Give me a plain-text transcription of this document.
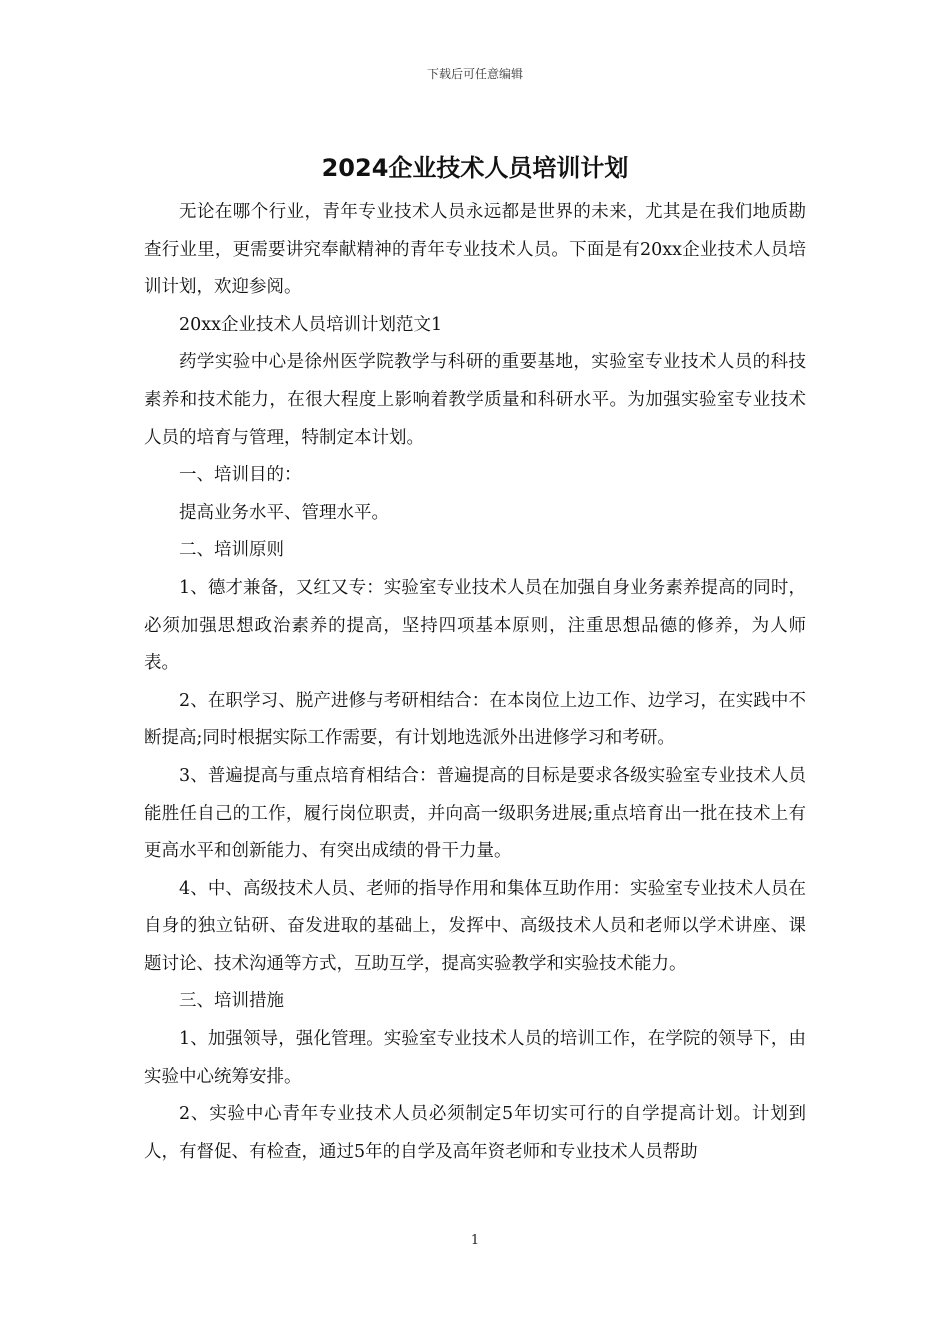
下载后可任意编辑
2024企业技术人员培训计划

无论在哪个行业，青年专业技术人员永远都是世界的未来，尤其是在我们地质勘查行业里，更需要讲究奉献精神的青年专业技术人员。下面是有20xx企业技术人员培训计划，欢迎参阅。

20xx企业技术人员培训计划范文1

药学实验中心是徐州医学院教学与科研的重要基地，实验室专业技术人员的科技素养和技术能力，在很大程度上影响着教学质量和科研水平。为加强实验室专业技术人员的培育与管理，特制定本计划。

一、培训目的：

提高业务水平、管理水平。

二、培训原则

1、德才兼备，又红又专：实验室专业技术人员在加强自身业务素养提高的同时，必须加强思想政治素养的提高，坚持四项基本原则，注重思想品德的修养，为人师表。

2、在职学习、脱产进修与考研相结合：在本岗位上边工作、边学习，在实践中不断提高;同时根据实际工作需要，有计划地选派外出进修学习和考研。

3、普遍提高与重点培育相结合：普遍提高的目标是要求各级实验室专业技术人员能胜任自己的工作，履行岗位职责，并向高一级职务进展;重点培育出一批在技术上有更高水平和创新能力、有突出成绩的骨干力量。

4、中、高级技术人员、老师的指导作用和集体互助作用：实验室专业技术人员在自身的独立钻研、奋发进取的基础上，发挥中、高级技术人员和老师以学术讲座、课题讨论、技术沟通等方式，互助互学，提高实验教学和实验技术能力。

三、培训措施

1、加强领导，强化管理。实验室专业技术人员的培训工作，在学院的领导下，由实验中心统筹安排。

2、实验中心青年专业技术人员必须制定5年切实可行的自学提高计划。计划到人，有督促、有检查，通过5年的自学及高年资老师和专业技术人员帮助

1
